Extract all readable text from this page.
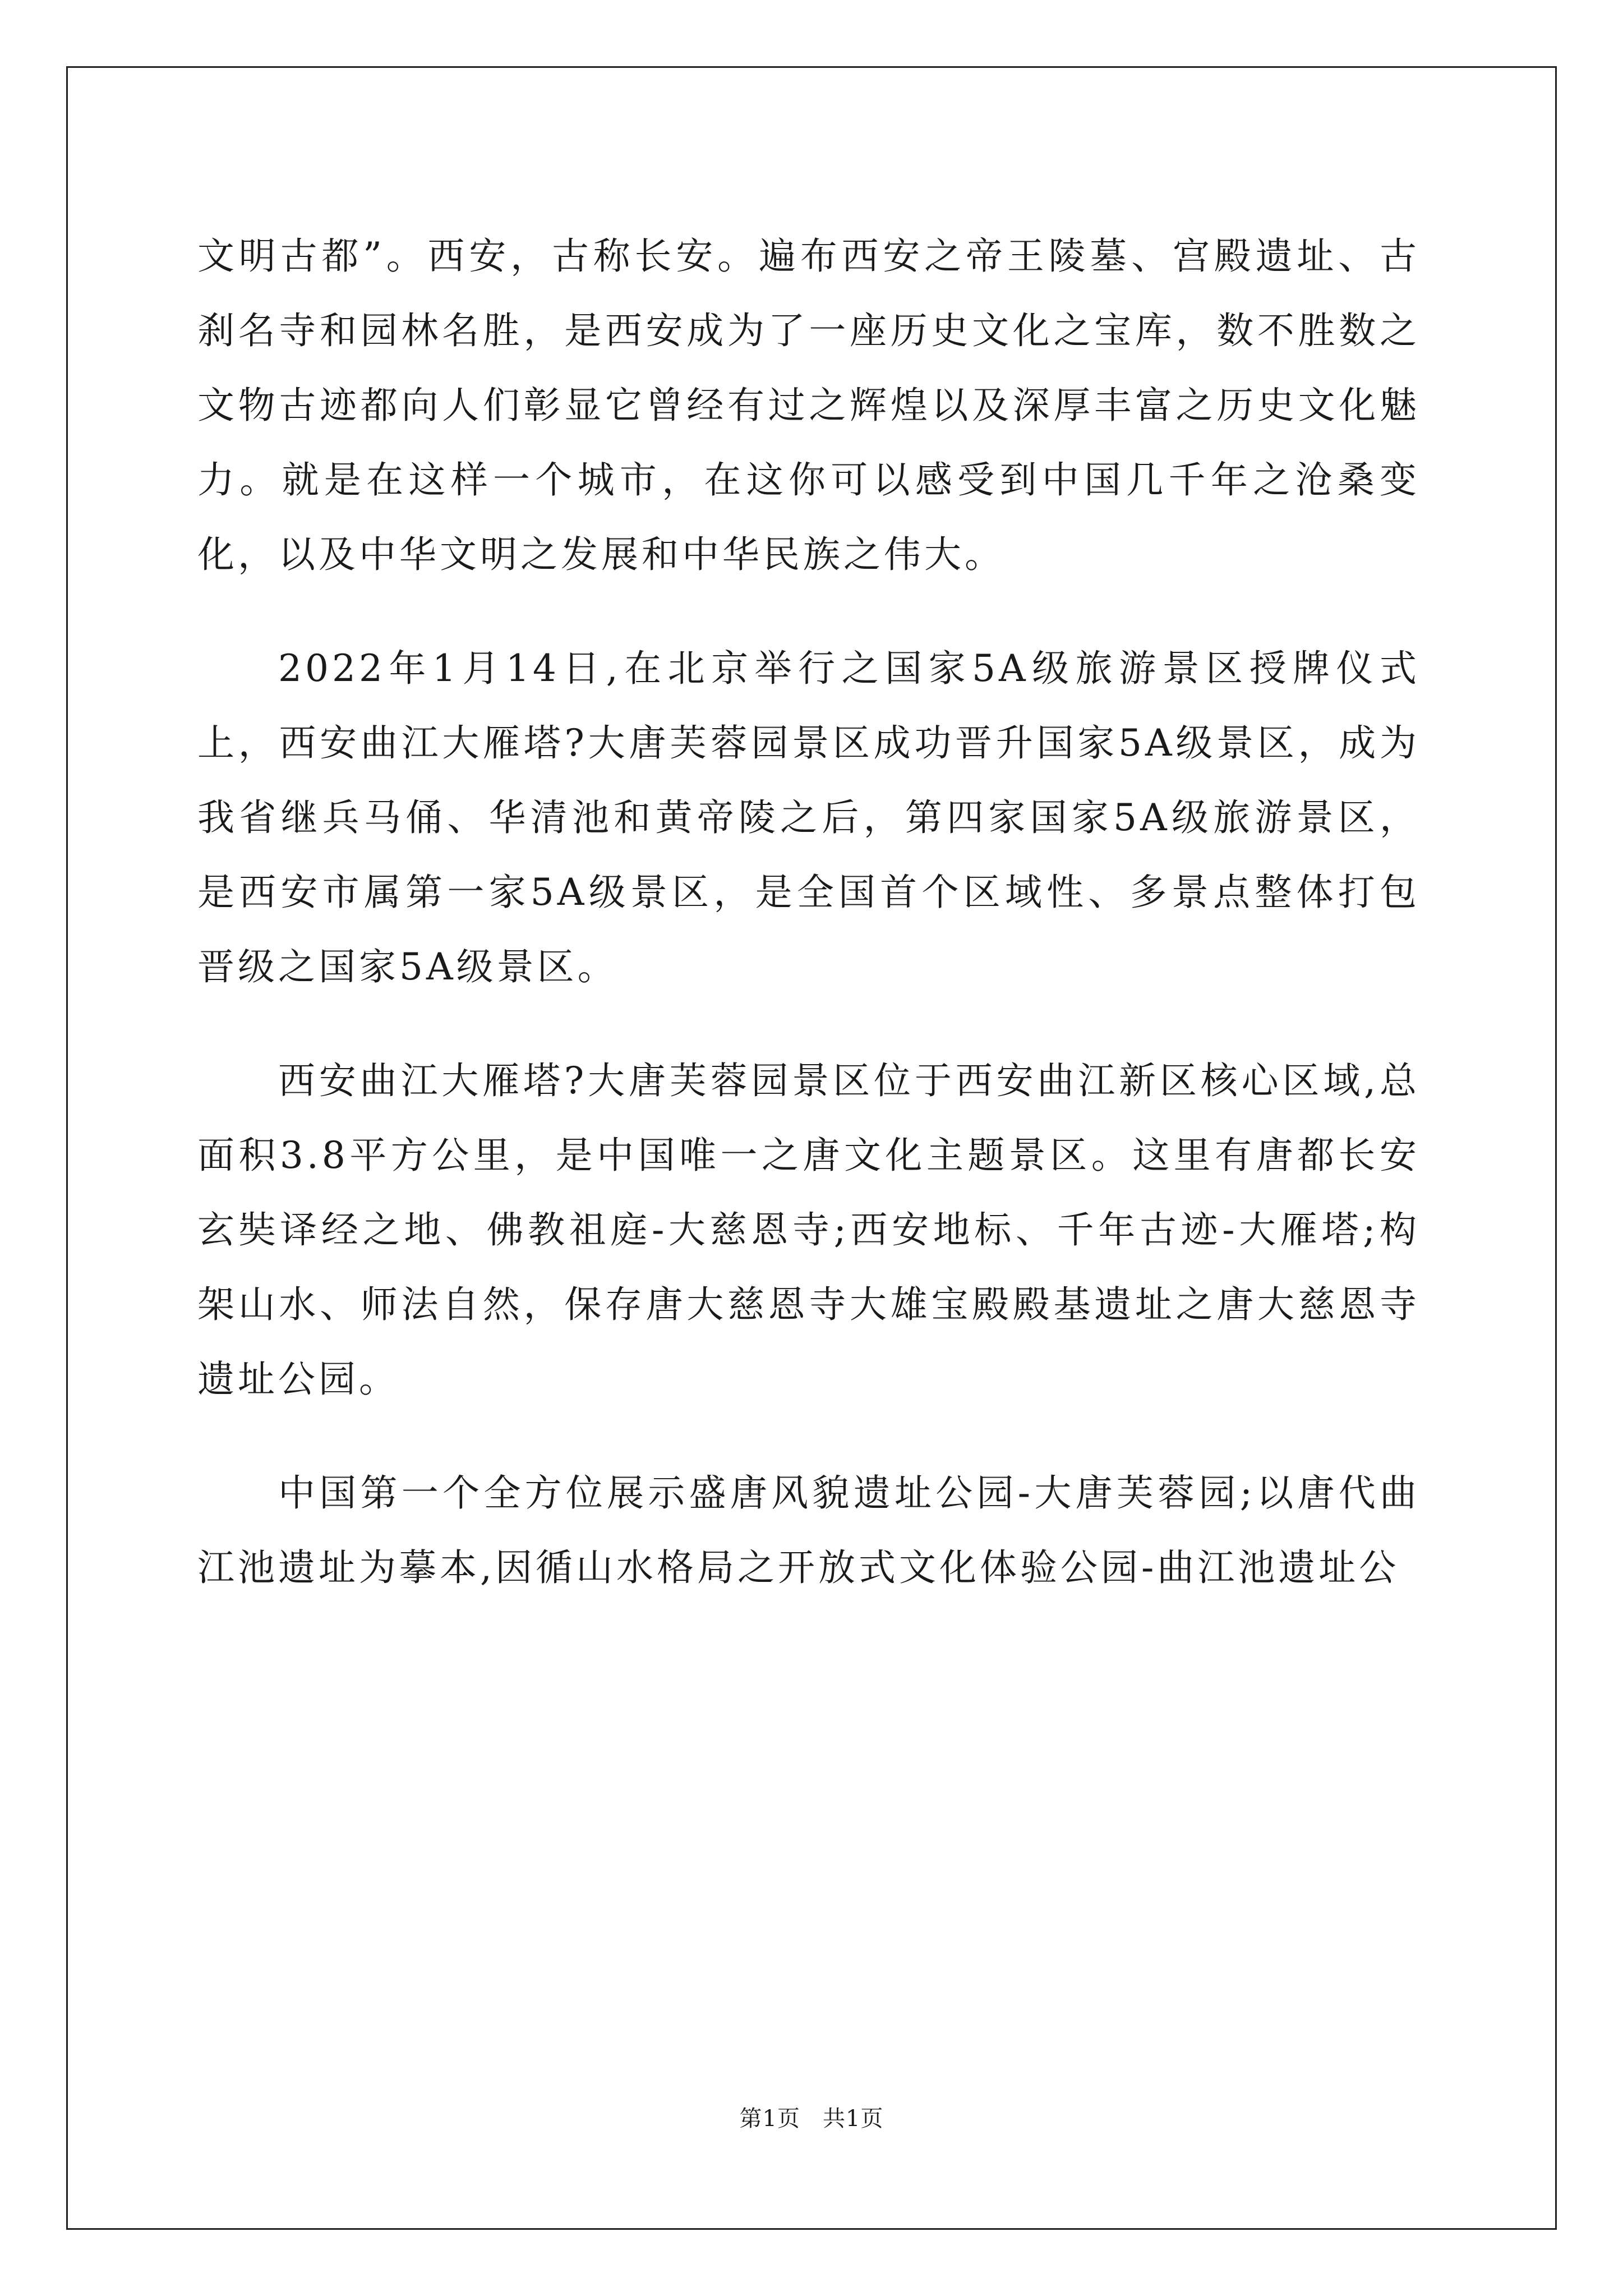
文明古都”。西安，古称长安。遍布西安之帝王陵墓、宫殿遗址、古刹名寺和园林名胜，是西安成为了一座历史文化之宝库，数不胜数之文物古迹都向人们彰显它曾经有过之辉煌以及深厚丰富之历史文化魅力。就是在这样一个城市，在这你可以感受到中国几千年之沧桑变化，以及中华文明之发展和中华民族之伟大。

2022年1月14日,在北京举行之国家5A级旅游景区授牌仪式上，西安曲江大雁塔?大唐芙蓉园景区成功晋升国家5A级景区，成为我省继兵马俑、华清池和黄帝陵之后，第四家国家5A级旅游景区，是西安市属第一家5A级景区，是全国首个区域性、多景点整体打包晋级之国家5A级景区。

西安曲江大雁塔?大唐芙蓉园景区位于西安曲江新区核心区域,总面积3.8平方公里，是中国唯一之唐文化主题景区。这里有唐都长安玄奘译经之地、佛教祖庭-大慈恩寺;西安地标、千年古迹-大雁塔;构架山水、师法自然，保存唐大慈恩寺大雄宝殿殿基遗址之唐大慈恩寺遗址公园。

中国第一个全方位展示盛唐风貌遗址公园-大唐芙蓉园;以唐代曲江池遗址为摹本,因循山水格局之开放式文化体验公园-曲江池遗址公

第1页 共1页
